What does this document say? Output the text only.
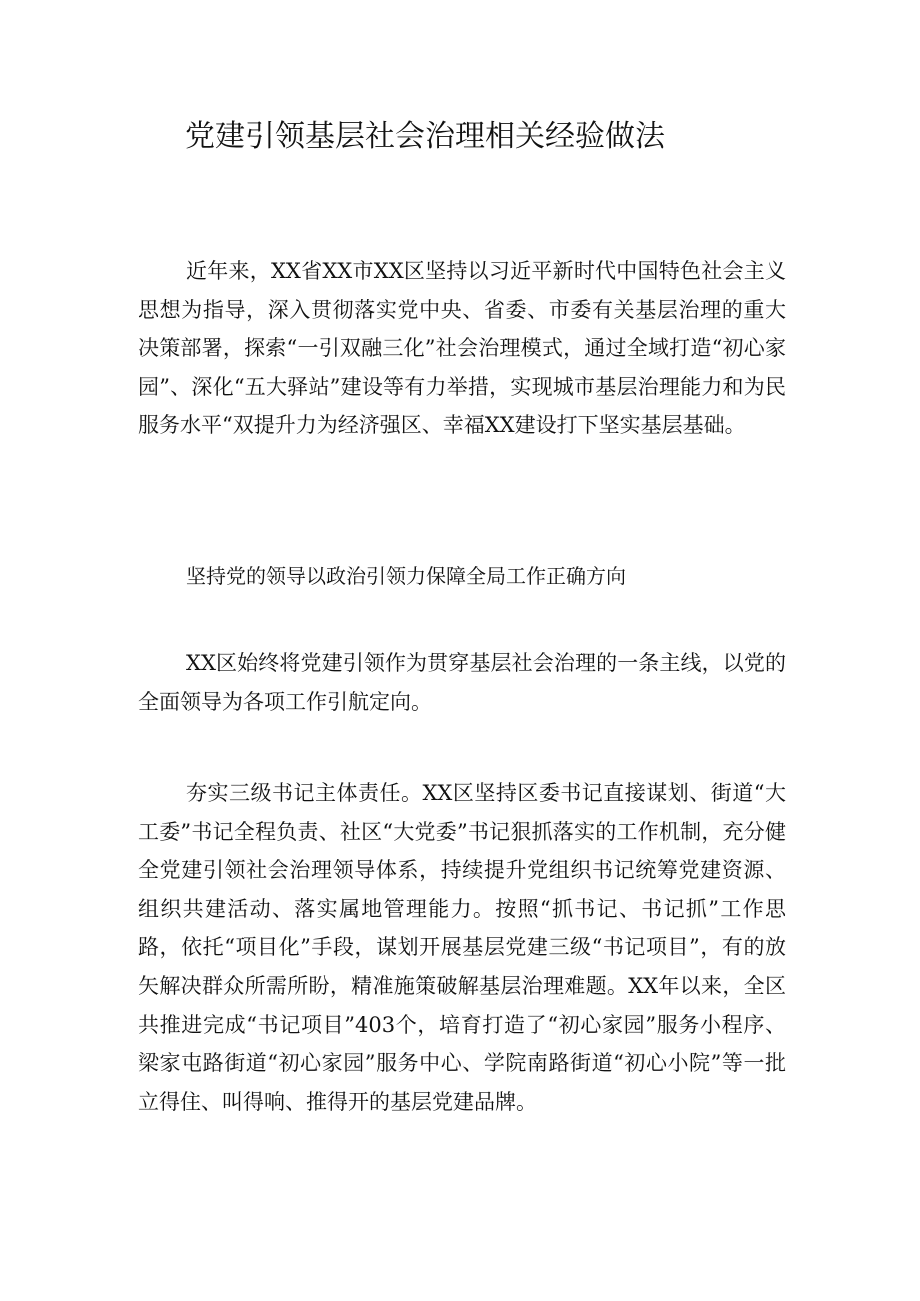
党建引领基层社会治理相关经验做法

近年来，XX省XX市XX区坚持以习近平新时代中国特色社会主义思想为指导，深入贯彻落实党中央、省委、市委有关基层治理的重大决策部署，探索“一引双融三化”社会治理模式，通过全域打造“初心家园”、深化“五大驿站”建设等有力举措，实现城市基层治理能力和为民服务水平“双提升力为经济强区、幸福XX建设打下坚实基层基础。

坚持党的领导以政治引领力保障全局工作正确方向

XX区始终将党建引领作为贯穿基层社会治理的一条主线，以党的全面领导为各项工作引航定向。

夯实三级书记主体责任。XX区坚持区委书记直接谋划、街道“大工委”书记全程负责、社区“大党委”书记狠抓落实的工作机制，充分健全党建引领社会治理领导体系，持续提升党组织书记统筹党建资源、组织共建活动、落实属地管理能力。按照“抓书记、书记抓”工作思路，依托“项目化”手段，谋划开展基层党建三级“书记项目”，有的放矢解决群众所需所盼，精准施策破解基层治理难题。XX年以来，全区共推进完成“书记项目”403个，培育打造了“初心家园”服务小程序、梁家屯路街道“初心家园”服务中心、学院南路街道“初心小院”等一批立得住、叫得响、推得开的基层党建品牌。
